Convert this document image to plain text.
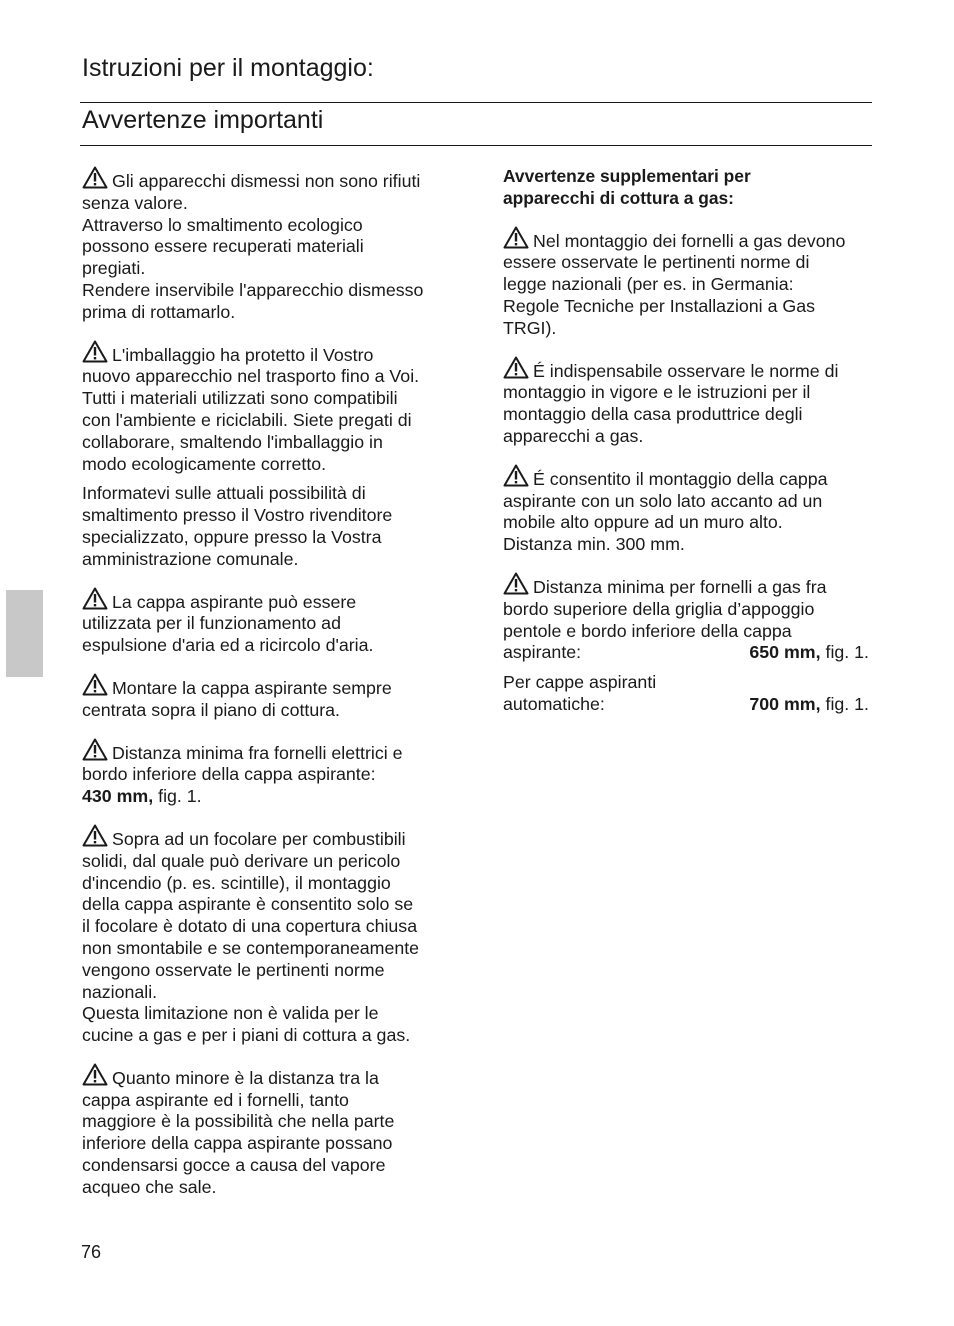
Istruzioni per il montaggio:
Avvertenze importanti

Gli apparecchi dismessi non sono rifiuti
senza valore.
Attraverso lo smaltimento ecologico
possono essere recuperati materiali
pregiati.
Rendere inservibile l'apparecchio dismesso
prima di rottamarlo.

L'imballaggio ha protetto il Vostro
nuovo apparecchio nel trasporto fino a Voi.
Tutti i materiali utilizzati sono compatibili
con l'ambiente e riciclabili. Siete pregati di
collaborare, smaltendo l'imballaggio in
modo ecologicamente corretto.

Informatevi sulle attuali possibilità di
smaltimento presso il Vostro rivenditore
specializzato, oppure presso la Vostra
amministrazione comunale.

La cappa aspirante può essere
utilizzata per il funzionamento ad
espulsione d'aria ed a ricircolo d'aria.

Montare la cappa aspirante sempre
centrata sopra il piano di cottura.

Distanza minima fra fornelli elettrici e
bordo inferiore della cappa aspirante:
430 mm, fig. 1.

Sopra ad un focolare per combustibili
solidi, dal quale può derivare un pericolo
d'incendio (p. es. scintille), il montaggio
della cappa aspirante è consentito solo se
il focolare è dotato di una copertura chiusa
non smontabile e se contemporaneamente
vengono osservate le pertinenti norme
nazionali.
Questa limitazione non è valida per le
cucine a gas e per i piani di cottura a gas.

Quanto minore è la distanza tra la
cappa aspirante ed i fornelli, tanto
maggiore è la possibilità che nella parte
inferiore della cappa aspirante possano
condensarsi gocce a causa del vapore
acqueo che sale.

Avvertenze supplementari per
apparecchi di cottura a gas:

Nel montaggio dei fornelli a gas devono
essere osservate le pertinenti norme di
legge nazionali (per es. in Germania:
Regole Tecniche per Installazioni a Gas
TRGI).

É indispensabile osservare le norme di
montaggio in vigore e le istruzioni per il
montaggio della casa produttrice degli
apparecchi a gas.

É consentito il montaggio della cappa
aspirante con un solo lato accanto ad un
mobile alto oppure ad un muro alto.
Distanza min. 300 mm.

Distanza minima per fornelli a gas fra
bordo superiore della griglia d’appoggio
pentole e bordo inferiore della cappa
aspirante:	650 mm, fig. 1.

Per cappe aspiranti
automatiche:	700 mm, fig. 1.

76
